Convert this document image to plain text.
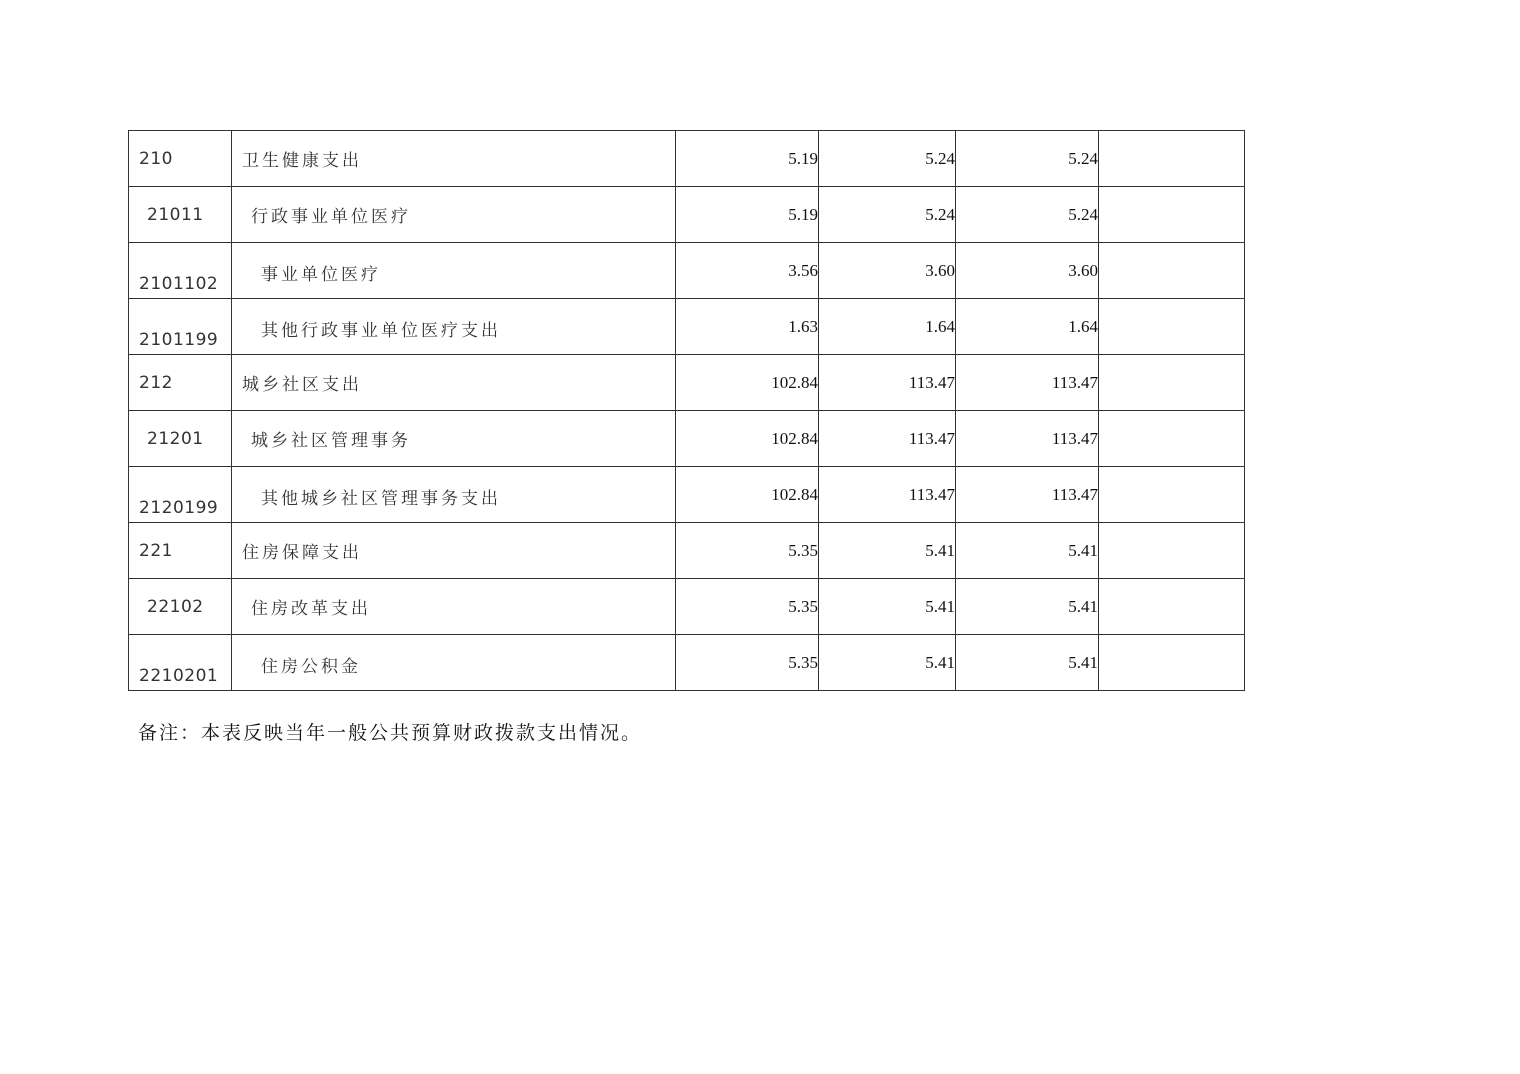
210	卫生健康支出	5.19	5.24	5.24	
21011	行政事业单位医疗	5.19	5.24	5.24	
2101102	事业单位医疗	3.56	3.60	3.60	
2101199	其他行政事业单位医疗支出	1.63	1.64	1.64	
212	城乡社区支出	102.84	113.47	113.47	
21201	城乡社区管理事务	102.84	113.47	113.47	
2120199	其他城乡社区管理事务支出	102.84	113.47	113.47	
221	住房保障支出	5.35	5.41	5.41	
22102	住房改革支出	5.35	5.41	5.41	
2210201	住房公积金	5.35	5.41	5.41	
备注：本表反映当年一般公共预算财政拨款支出情况。
